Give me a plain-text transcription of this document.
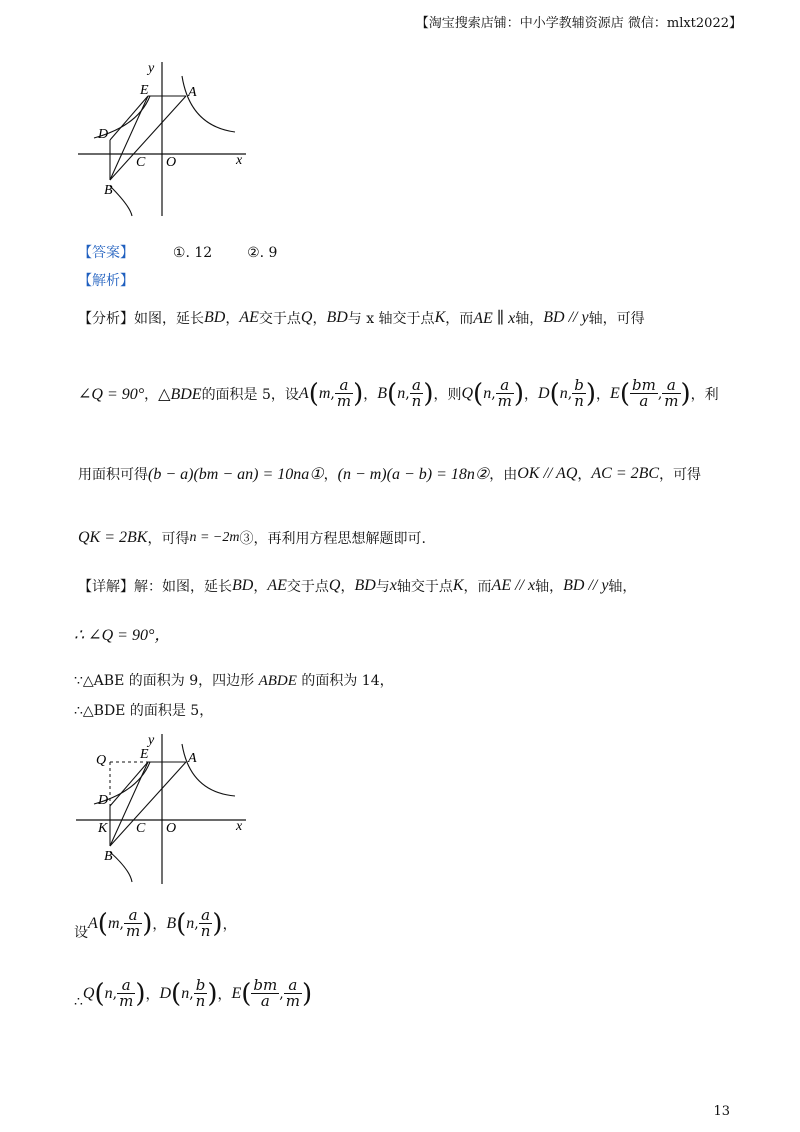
【淘宝搜索店铺：中小学教辅资源店 微信：mlxt2022】
y
E	A
D
C O	x
B
【答案】	①. 12 ②. 9
【解析】
【分析】如图，延长 BD ， AE 交于点 Q ， BD 与 x 轴交于点 K ，而 AE ∥ x 轴， BD // y 轴，可得
∠Q = 90° ， △BDE 的面积是 5，设 A ( m , $\frac{a}{m}$ ) ， B ( n , $\frac{a}{n}$ ) ，则 Q ( n , $\frac{a}{m}$ ) ， D ( n , $\frac{b}{n}$ ) ， E ( $\frac{bm}{a}$ , $\frac{a}{m}$ ) ，利
用面积可得 (b − a)(bm − an) = 10na① ， (n − m)(a − b) = 18n② ，由 OK // AQ ， AC = 2BC ，可得
QK = 2BK ，可得 n = −2m ③，再利用方程思想解题即可.
【详解】解：如图，延长 BD ， AE 交于点 Q ， BD 与 x 轴交于点 K ，而 AE // x 轴， BD // y 轴，
∴ ∠Q = 90°，
∵△ABE 的面积为 9，四边形 ABDE 的面积为 14，
∴△BDE 的面积是 5，
y
Q E	A
D
K C O	x
B
设
A ( m , $\frac{a}{m}$ ) ， B ( n , $\frac{a}{n}$ ) ，
∴ Q ( n , $\frac{a}{m}$ ) ， D ( n , $\frac{b}{n}$ ) ， E ( $\frac{bm}{a}$ , $\frac{a}{m}$ )
13
